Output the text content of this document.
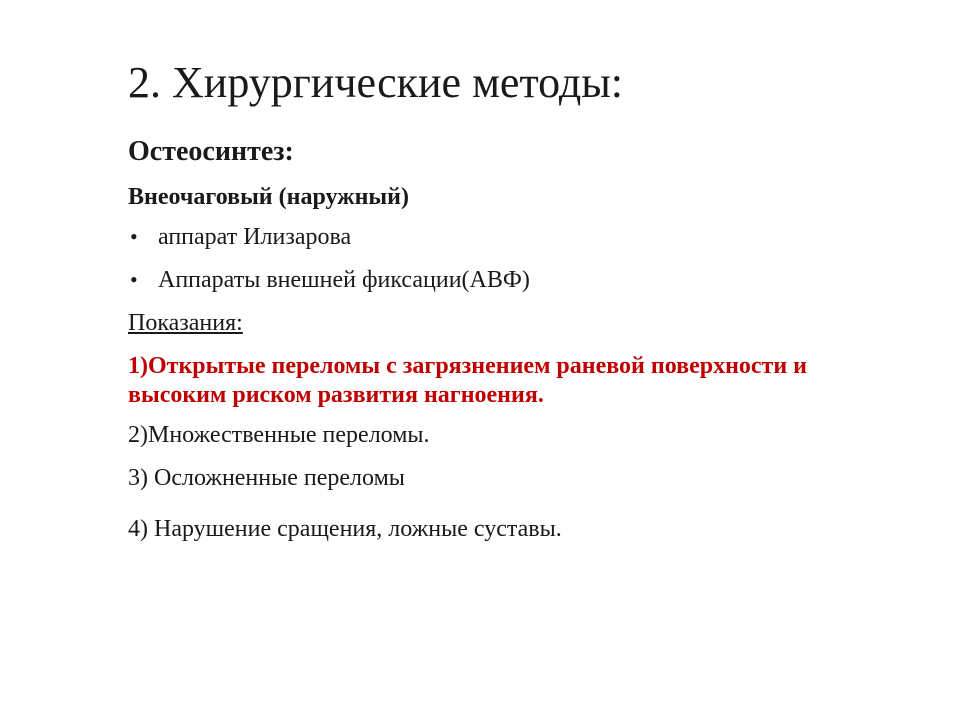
2. Хирургические методы:
Остеосинтез:
Внеочаговый (наружный)
• аппарат Илизарова
• Аппараты внешней фиксации(АВФ)
Показания:
1)Открытые переломы с загрязнением раневой поверхности и высоким риском развития нагноения.
2)Множественные переломы.
3) Осложненные переломы
4) Нарушение сращения, ложные суставы.
